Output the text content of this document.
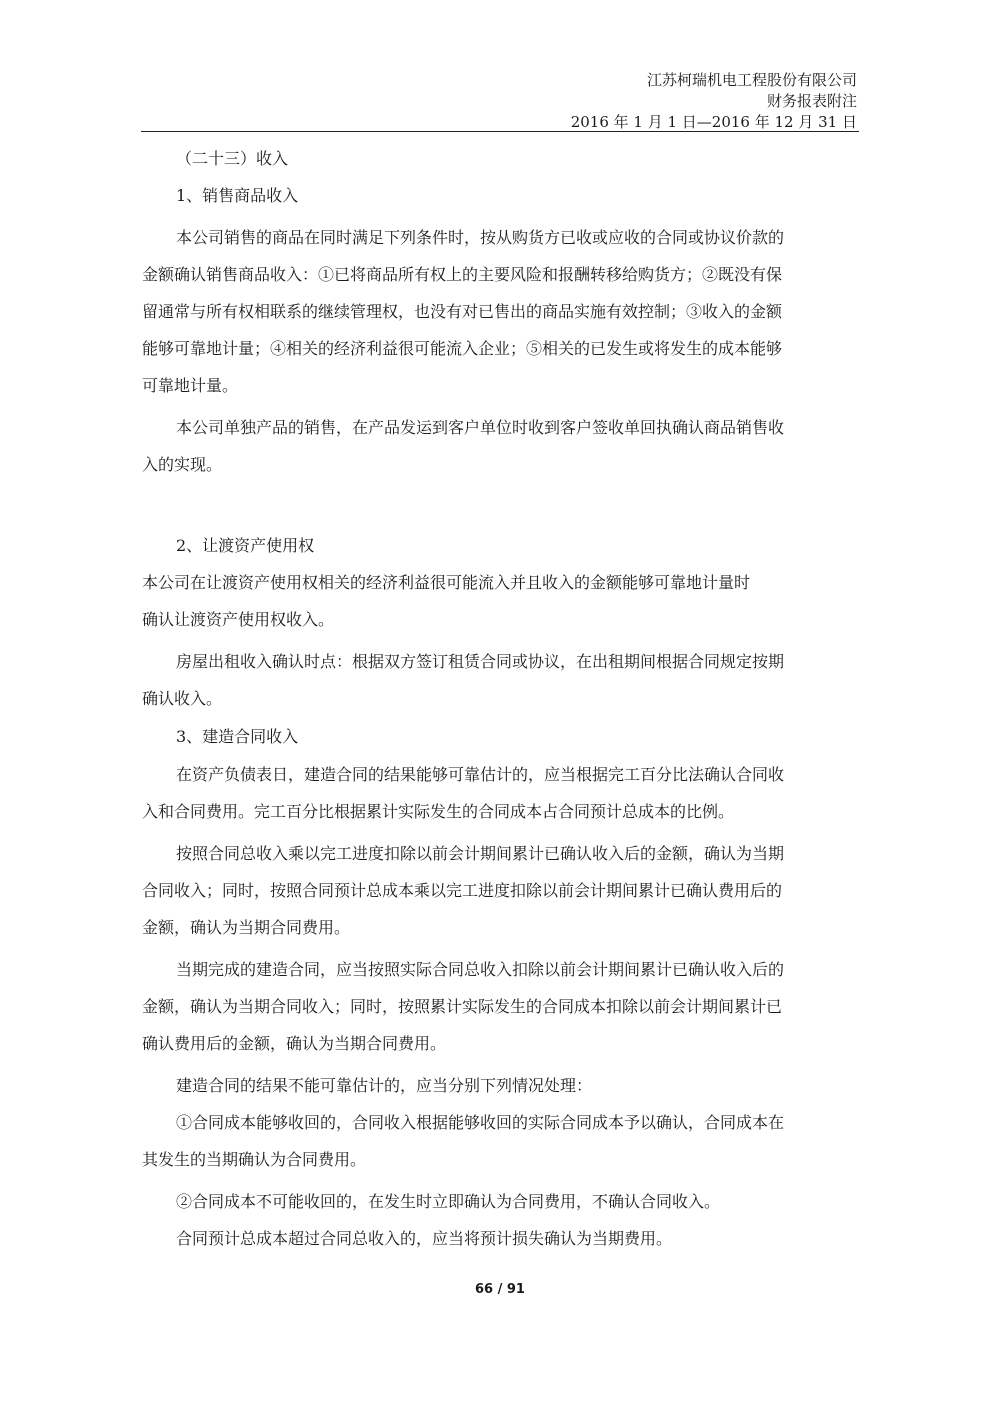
江苏柯瑞机电工程股份有限公司
财务报表附注
2016 年 1 月 1 日—2016 年 12 月 31 日
（二十三）收入
1、销售商品收入
本公司销售的商品在同时满足下列条件时，按从购货方已收或应收的合同或协议价款的
金额确认销售商品收入：①已将商品所有权上的主要风险和报酬转移给购货方；②既没有保
留通常与所有权相联系的继续管理权，也没有对已售出的商品实施有效控制；③收入的金额
能够可靠地计量；④相关的经济利益很可能流入企业；⑤相关的已发生或将发生的成本能够
可靠地计量。
本公司单独产品的销售，在产品发运到客户单位时收到客户签收单回执确认商品销售收
入的实现。
2、让渡资产使用权
本公司在让渡资产使用权相关的经济利益很可能流入并且收入的金额能够可靠地计量时
确认让渡资产使用权收入。
房屋出租收入确认时点：根据双方签订租赁合同或协议，在出租期间根据合同规定按期
确认收入。
3、建造合同收入
在资产负债表日，建造合同的结果能够可靠估计的，应当根据完工百分比法确认合同收
入和合同费用。完工百分比根据累计实际发生的合同成本占合同预计总成本的比例。
按照合同总收入乘以完工进度扣除以前会计期间累计已确认收入后的金额，确认为当期
合同收入；同时，按照合同预计总成本乘以完工进度扣除以前会计期间累计已确认费用后的
金额，确认为当期合同费用。
当期完成的建造合同，应当按照实际合同总收入扣除以前会计期间累计已确认收入后的
金额，确认为当期合同收入；同时，按照累计实际发生的合同成本扣除以前会计期间累计已
确认费用后的金额，确认为当期合同费用。
建造合同的结果不能可靠估计的，应当分别下列情况处理：
①合同成本能够收回的，合同收入根据能够收回的实际合同成本予以确认，合同成本在
其发生的当期确认为合同费用。
②合同成本不可能收回的，在发生时立即确认为合同费用，不确认合同收入。
合同预计总成本超过合同总收入的，应当将预计损失确认为当期费用。
66 / 91
